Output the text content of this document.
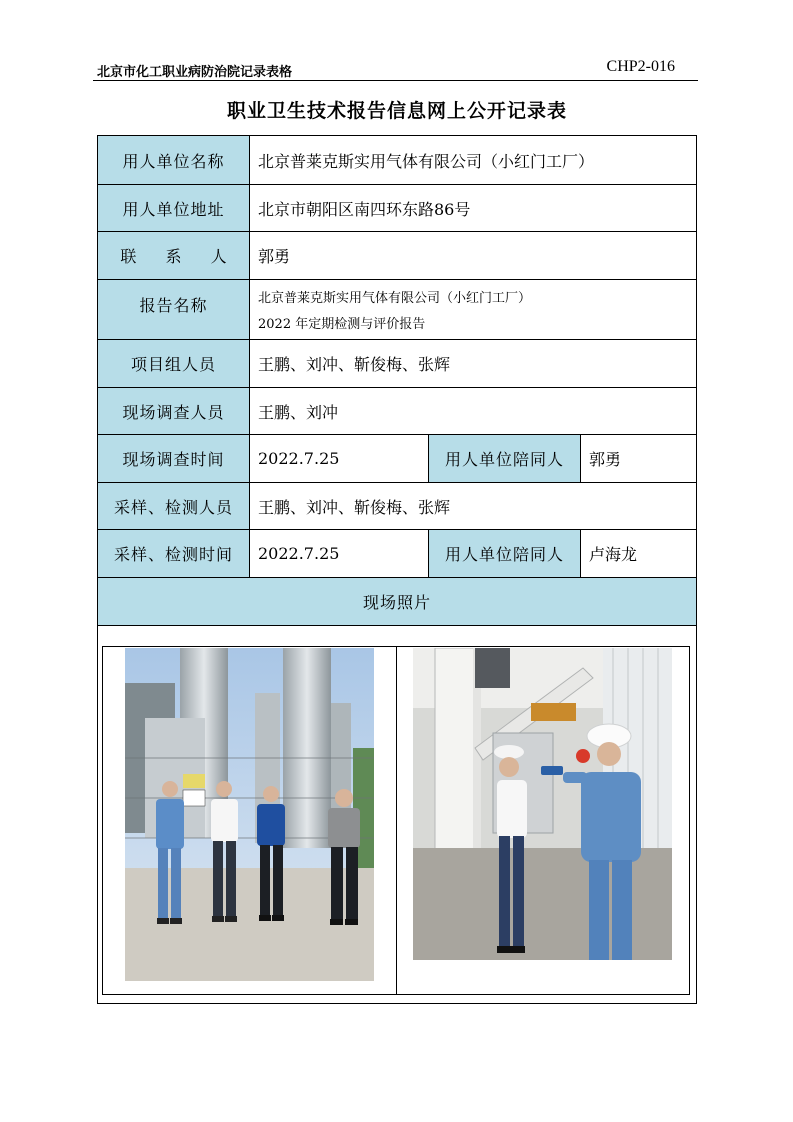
北京市化工职业病防治院记录表格	CHP2-016
职业卫生技术报告信息网上公开记录表
用人单位名称	北京普莱克斯实用气体有限公司（小红门工厂）
用人单位地址	北京市朝阳区南四环东路86号
联 系 人	郭勇
报告名称	北京普莱克斯实用气体有限公司（小红门工厂）
2022 年定期检测与评价报告
项目组人员	王鹏、刘冲、靳俊梅、张辉
现场调查人员	王鹏、刘冲
现场调查时间	2022.7.25	用人单位陪同人	郭勇
采样、检测人员	王鹏、刘冲、靳俊梅、张辉
采样、检测时间	2022.7.25	用人单位陪同人	卢海龙
现场照片
